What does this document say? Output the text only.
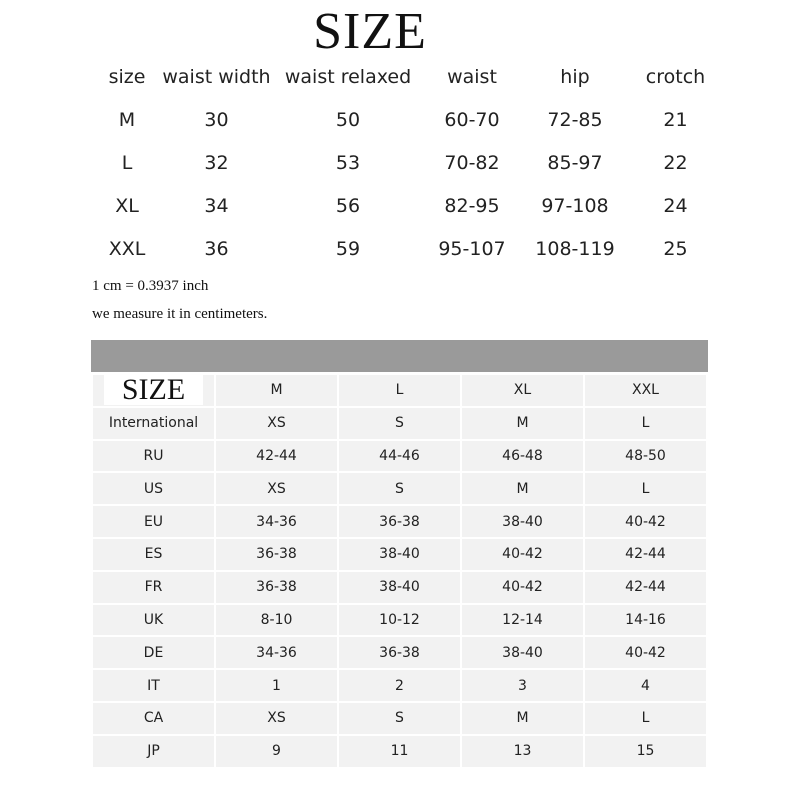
SIZE
size	waist width	waist relaxed	waist	hip	crotch
M	30	50	60-70	72-85	21
L	32	53	70-82	85-97	22
XL	34	56	82-95	97-108	24
XXL	36	59	95-107	108-119	25
1 cm = 0.3937 inch
we measure it in centimeters.
SIZE	M	L	XL	XXL
International	XS	S	M	L
RU	42-44	44-46	46-48	48-50
US	XS	S	M	L
EU	34-36	36-38	38-40	40-42
ES	36-38	38-40	40-42	42-44
FR	36-38	38-40	40-42	42-44
UK	8-10	10-12	12-14	14-16
DE	34-36	36-38	38-40	40-42
IT	1	2	3	4
CA	XS	S	M	L
JP	9	11	13	15
